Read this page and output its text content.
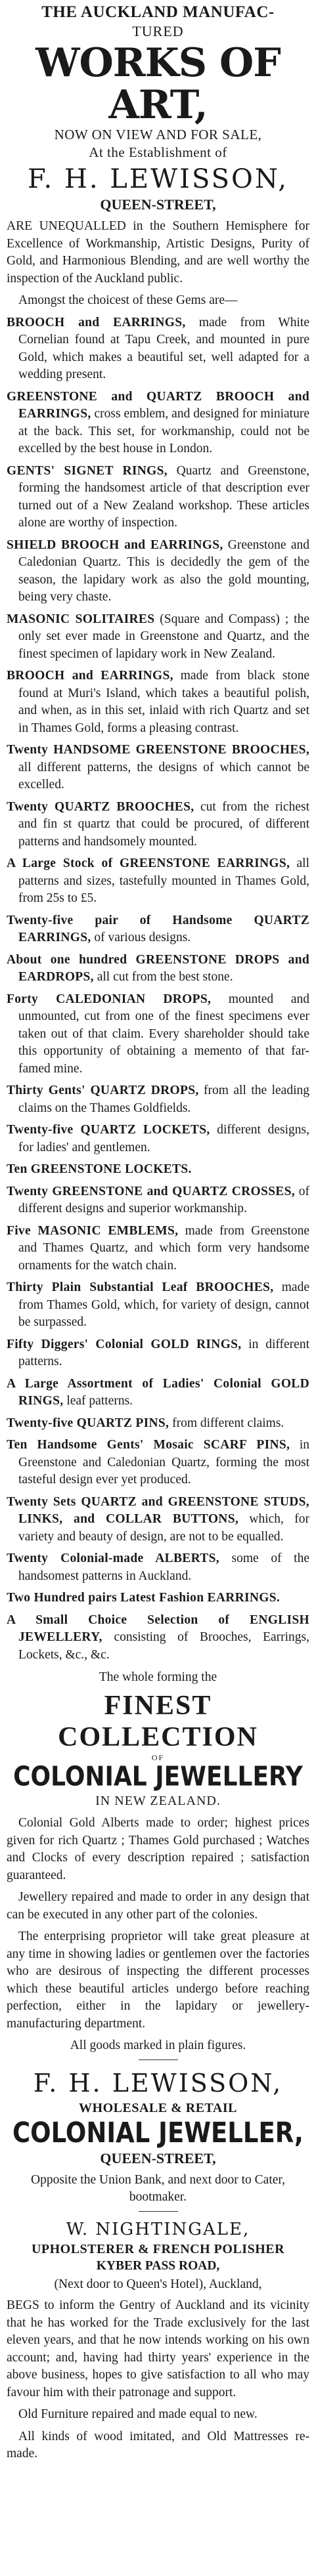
THE AUCKLAND MANUFAC-

TURED

WORKS OF ART,

NOW ON VIEW AND FOR SALE,

At the Establishment of

F. H. LEWISSON,

QUEEN-STREET,

ARE UNEQUALLED in the Southern Hemisphere for Excellence of Workmanship, Artistic Designs, Purity of Gold, and Harmonious Blending, and are well worthy the inspection of the Auckland public.

Amongst the choicest of these Gems are—

BROOCH and EARRINGS, made from White Cornelian found at Tapu Creek, and mounted in pure Gold, which makes a beautiful set, well adapted for a wedding present.

GREENSTONE and QUARTZ BROOCH and EARRINGS, cross emblem, and designed for miniature at the back. This set, for workmanship, could not be excelled by the best house in London.

GENTS' SIGNET RINGS, Quartz and Greenstone, forming the handsomest article of that description ever turned out of a New Zealand workshop. These articles alone are worthy of inspection.

SHIELD BROOCH and EARRINGS, Greenstone and Caledonian Quartz. This is decidedly the gem of the season, the lapidary work as also the gold mounting, being very chaste.

MASONIC SOLITAIRES (Square and Compass) ; the only set ever made in Greenstone and Quartz, and the finest specimen of lapidary work in New Zealand.

BROOCH and EARRINGS, made from black stone found at Muri's Island, which takes a beautiful polish, and when, as in this set, inlaid with rich Quartz and set in Thames Gold, forms a pleasing contrast.

Twenty HANDSOME GREENSTONE BROOCHES, all different patterns, the designs of which cannot be excelled.

Twenty QUARTZ BROOCHES, cut from the richest and fin st quartz that could be procured, of different patterns and handsomely mounted.

A Large Stock of GREENSTONE EARRINGS, all patterns and sizes, tastefully mounted in Thames Gold, from 25s to £5.

Twenty-five pair of Handsome QUARTZ EARRINGS, of various designs.

About one hundred GREENSTONE DROPS and EARDROPS, all cut from the best stone.

Forty CALEDONIAN DROPS, mounted and unmounted, cut from one of the finest specimens ever taken out of that claim. Every shareholder should take this opportunity of obtaining a memento of that far-famed mine.

Thirty Gents' QUARTZ DROPS, from all the leading claims on the Thames Goldfields.

Twenty-five QUARTZ LOCKETS, different designs, for ladies' and gentlemen.

Ten GREENSTONE LOCKETS.

Twenty GREENSTONE and QUARTZ CROSSES, of different designs and superior workmanship.

Five MASONIC EMBLEMS, made from Greenstone and Thames Quartz, and which form very handsome ornaments for the watch chain.

Thirty Plain Substantial Leaf BROOCHES, made from Thames Gold, which, for variety of design, cannot be surpassed.

Fifty Diggers' Colonial GOLD RINGS, in different patterns.

A Large Assortment of Ladies' Colonial GOLD RINGS, leaf patterns.

Twenty-five QUARTZ PINS, from different claims.

Ten Handsome Gents' Mosaic SCARF PINS, in Greenstone and Caledonian Quartz, forming the most tasteful design ever yet produced.

Twenty Sets QUARTZ and GREENSTONE STUDS, LINKS, and COLLAR BUTTONS, which, for variety and beauty of design, are not to be equalled.

Twenty Colonial-made ALBERTS, some of the handsomest patterns in Auckland.

Two Hundred pairs Latest Fashion EARRINGS.

A Small Choice Selection of ENGLISH JEWELLERY, consisting of Brooches, Earrings, Lockets, &c., &c.

The whole forming the

FINEST COLLECTION

OF

COLONIAL JEWELLERY

IN NEW ZEALAND.

Colonial Gold Alberts made to order; highest prices given for rich Quartz ; Thames Gold purchased ; Watches and Clocks of every description repaired ; satisfaction guaranteed.

Jewellery repaired and made to order in any design that can be executed in any other part of the colonies.

The enterprising proprietor will take great pleasure at any time in showing ladies or gentlemen over the factories who are desirous of inspecting the different processes which these beautiful articles undergo before reaching perfection, either in the lapidary or jewellery-manufacturing department.

All goods marked in plain figures.

F. H. LEWISSON,

WHOLESALE & RETAIL

COLONIAL JEWELLER,

QUEEN-STREET,

Opposite the Union Bank, and next door to Cater, bootmaker.

W. NIGHTINGALE,

UPHOLSTERER & FRENCH POLISHER

KYBER PASS ROAD,

(Next door to Queen's Hotel), Auckland,

BEGS to inform the Gentry of Auckland and its vicinity that he has worked for the Trade exclusively for the last eleven years, and that he now intends working on his own account; and, having had thirty years' experience in the above business, hopes to give satisfaction to all who may favour him with their patronage and support.

Old Furniture repaired and made equal to new.

All kinds of wood imitated, and Old Mattresses re-made.
